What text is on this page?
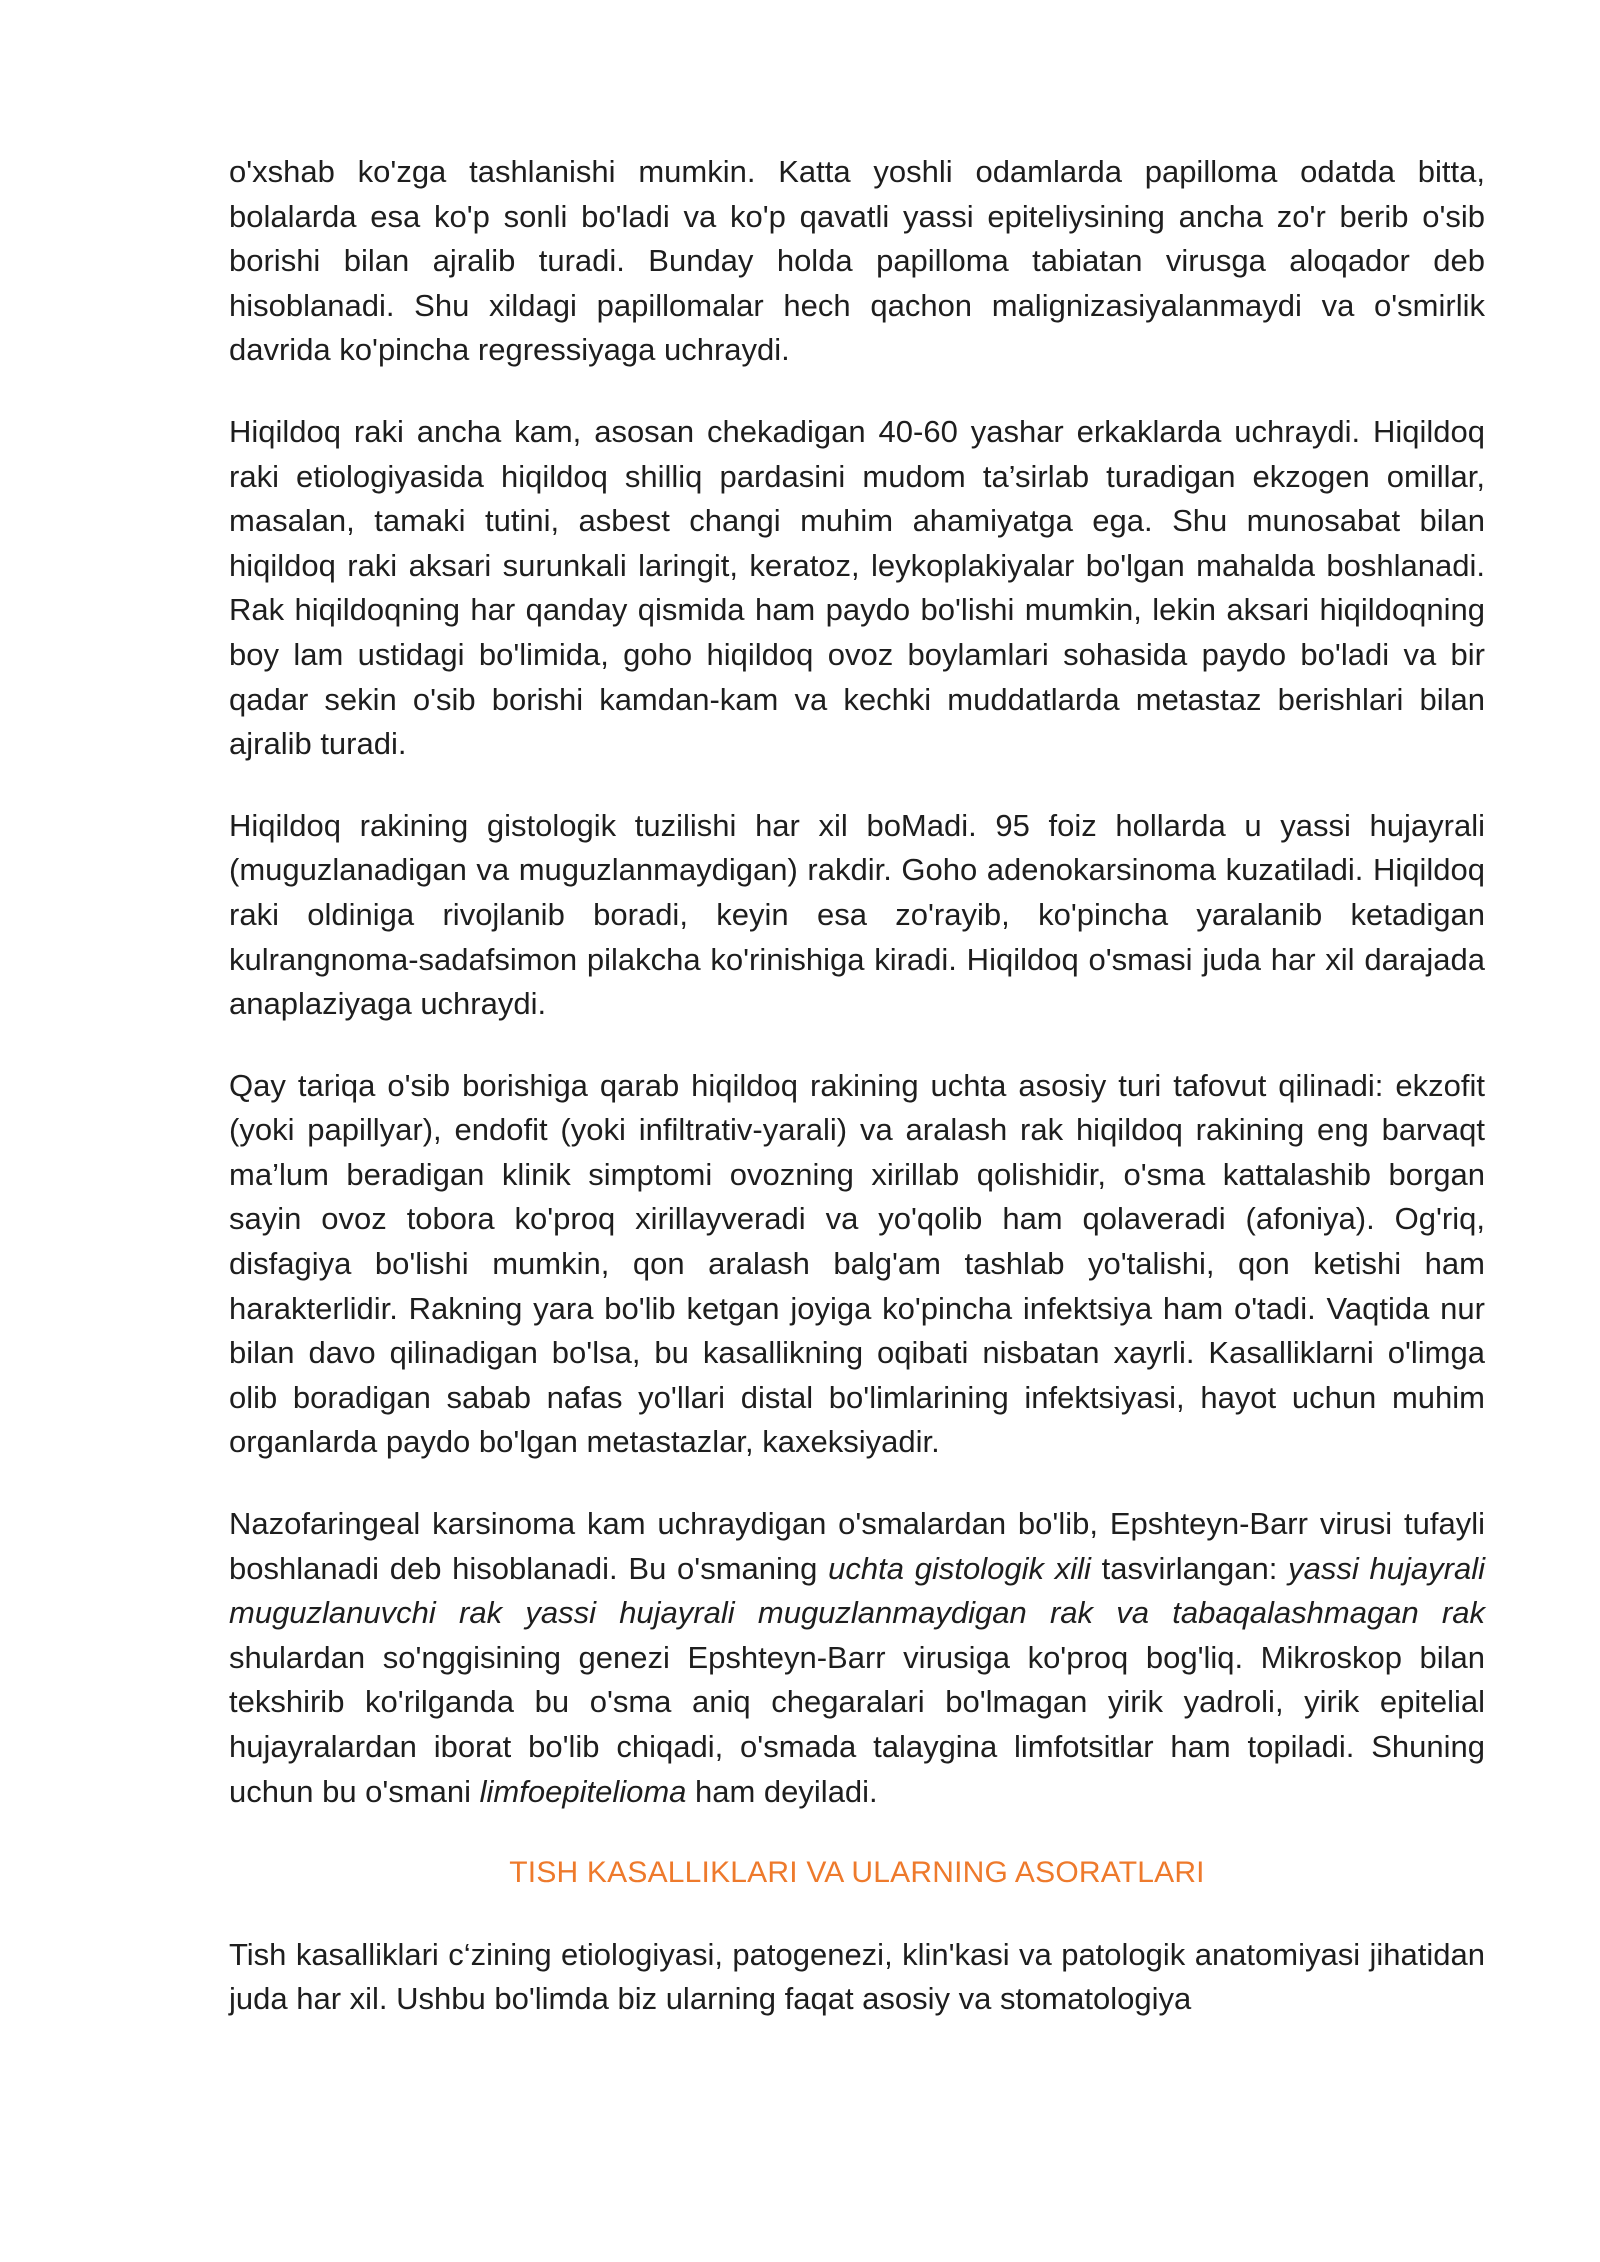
o'xshab ko'zga tashlanishi mumkin. Katta yoshli odamlarda papilloma odatda bitta, bolalarda esa ko'p sonli bo'ladi va ko'p qavatli yassi epiteliysining ancha zo'r berib o'sib borishi bilan ajralib turadi. Bunday holda papilloma tabiatan virusga aloqador deb hisoblanadi. Shu xildagi papillomalar hech qachon malignizasiyalanmaydi va o'smirlik davrida ko'pincha regressiyaga uchraydi.

Hiqildoq raki ancha kam, asosan chekadigan 40-60 yashar erkaklarda uchraydi. Hiqildoq raki etiologiyasida hiqildoq shilliq pardasini mudom ta’sirlab turadigan ekzogen omillar, masalan, tamaki tutini, asbest changi muhim ahamiyatga ega. Shu munosabat bilan hiqildoq raki aksari surunkali laringit, keratoz, leykoplakiyalar bo'lgan mahalda boshlanadi. Rak hiqildoqning har qanday qismida ham paydo bo'lishi mumkin, lekin aksari hiqildoqning boy lam ustidagi bo'limida, goho hiqildoq ovoz boylamlari sohasida paydo bo'ladi va bir qadar sekin o'sib borishi kamdan-kam va kechki muddatlarda metastaz berishlari bilan ajralib turadi.

Hiqildoq rakining gistologik tuzilishi har xil boMadi. 95 foiz hollarda u yassi hujayrali (muguzlanadigan va muguzlanmaydigan) rakdir. Goho adenokarsinoma kuzatiladi. Hiqildoq raki oldiniga rivojlanib boradi, keyin esa zo'rayib, ko'pincha yaralanib ketadigan kulrangnoma-sadafsimon pilakcha ko'rinishiga kiradi. Hiqildoq o'smasi juda har xil darajada anaplaziyaga uchraydi.

Qay tariqa o'sib borishiga qarab hiqildoq rakining uchta asosiy turi tafovut qilinadi: ekzofit (yoki papillyar), endofit (yoki infiltrativ-yarali) va aralash rak hiqildoq rakining eng barvaqt ma’lum beradigan klinik simptomi ovozning xirillab qolishidir, o'sma kattalashib borgan sayin ovoz tobora ko'proq xirillayveradi va yo'qolib ham qolaveradi (afoniya). Og'riq, disfagiya bo'lishi mumkin, qon aralash balg'am tashlab yo'talishi, qon ketishi ham harakterlidir. Rakning yara bo'lib ketgan joyiga ko'pincha infektsiya ham o'tadi. Vaqtida nur bilan davo qilinadigan bo'lsa, bu kasallikning oqibati nisbatan xayrli. Kasalliklarni o'limga olib boradigan sabab nafas yo'llari distal bo'limlarining infektsiyasi, hayot uchun muhim organlarda paydo bo'lgan metastazlar, kaxeksiyadir.

Nazofaringeal karsinoma kam uchraydigan o'smalardan bo'lib, Epshteyn-Barr virusi tufayli boshlanadi deb hisoblanadi. Bu o'smaning uchta gistologik xili tasvirlangan: yassi hujayrali muguzlanuvchi rak yassi hujayrali muguzlanmaydigan rak va tabaqalashmagan rak shulardan so'nggisining genezi Epshteyn-Barr virusiga ko'proq bog'liq. Mikroskop bilan tekshirib ko'rilganda bu o'sma aniq chegaralari bo'lmagan yirik yadroli, yirik epitelial hujayralardan iborat bo'lib chiqadi, o'smada talaygina limfotsitlar ham topiladi. Shuning uchun bu o'smani limfoepitelioma ham deyiladi.

TISH KASALLIKLARI VA ULARNING ASORATLARI

Tish kasalliklari c‘zining etiologiyasi, patogenezi, klin'kasi va patologik anatomiyasi jihatidan juda har xil. Ushbu bo'limda biz ularning faqat asosiy va stomatologiya
